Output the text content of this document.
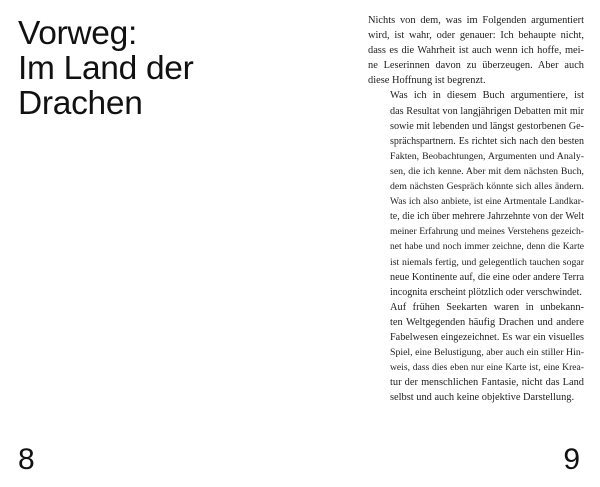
Vorweg:
Im Land der
Drachen
8

Nichts von dem, was im Folgenden argumentiert
wird, ist wahr, oder genauer: Ich behaupte nicht,
dass es die Wahrheit ist auch wenn ich hoffe, mei-
ne Leserinnen davon zu überzeugen. Aber auch
diese Hoffnung ist begrenzt.

Was ich in diesem Buch argumentiere, ist
das Resultat von langjährigen Debatten mit mir
sowie mit lebenden und längst gestorbenen Ge-
sprächspartnern. Es richtet sich nach den besten
Fakten, Beobachtungen, Argumenten und Analy-
sen, die ich kenne. Aber mit dem nächsten Buch,
dem nächsten Gespräch könnte sich alles ändern.
Was ich also anbiete, ist eine Artmentale Landkar-
te, die ich über mehrere Jahrzehnte von der Welt
meiner Erfahrung und meines Verstehens gezeich-
net habe und noch immer zeichne, denn die Karte
ist niemals fertig, und gelegentlich tauchen sogar
neue Kontinente auf, die eine oder andere Terra
incognita erscheint plötzlich oder verschwindet.

Auf frühen Seekarten waren in unbekann-
ten Weltgegenden häufig Drachen und andere
Fabelwesen eingezeichnet. Es war ein visuelles
Spiel, eine Belustigung, aber auch ein stiller Hin-
weis, dass dies eben nur eine Karte ist, eine Krea-
tur der menschlichen Fantasie, nicht das Land
selbst und auch keine objektive Darstellung.

9
